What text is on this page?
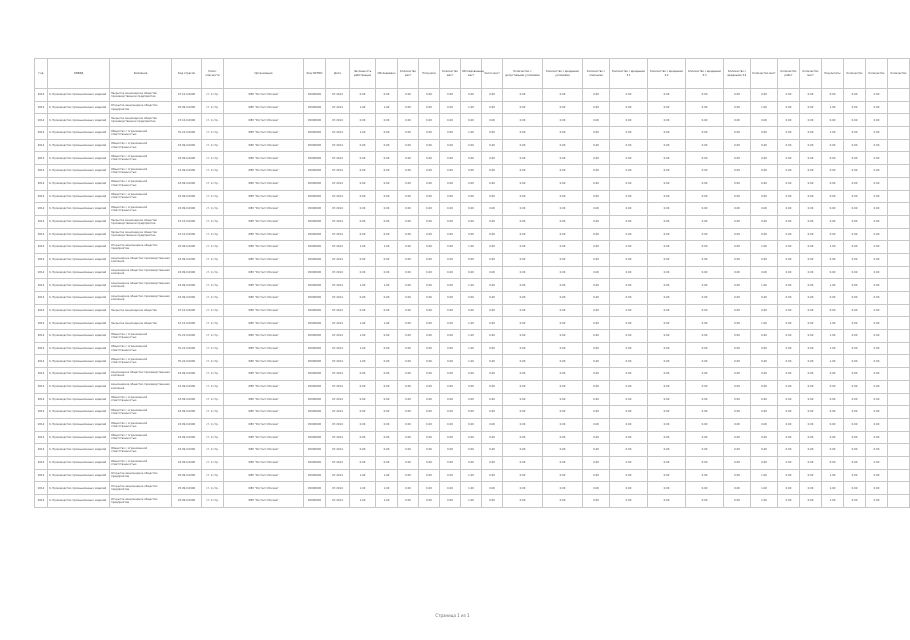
Год	ОКВЭД	Компания	Код отрасли	Класс опасности	Организация	Код ОКТМО	Дата	Численность работающих	Обследовано	Количество мест	Получили	Количество мест	Обследованные мест	Число мест	Количество с допустимыми условиями	Количество с вредными условиями	Количество с опасными	Количество с вредными 3.1	Количество с вредными 3.2	Количество с вредными 3.3	Количество с вредными 3.4	Количество мест	Количество работ	Количество мест	Результаты	Количество	Количество	Количество
2014	0. Производство промышленных изделий	Закрытое акционерное общество производственное предприятие	47.10.0.0000	ст. 4 стр.	ФБУ "Ростест-Москва"	45000000	07.2014	0.00	0.00	0.00	0.00	0.00	0.00	0.00	0.00	0.00	0.00	0.00	0.00	0.00	0.00	0.00	0.00	0.00	0.00	0.00	0.00	
2014	0. Производство промышленных изделий	Открытое акционерное общество предприятие	25.99.0.0000	ст. 4 стр.	ФБУ "Ростест-Москва"	45000000	07.2014	1.00	1.00	0.00	0.00	0.00	1.00	0.00	0.00	0.00	0.00	0.00	0.00	0.00	0.00	1.00	0.00	0.00	1.00	0.00	0.00	
2014	0. Производство промышленных изделий	Закрытое акционерное общество производственное предприятие	47.10.0.0000	ст. 4 стр.	ФБУ "Ростест-Москва"	45000000	07.2014	0.00	0.00	0.00	0.00	0.00	0.00	0.00	0.00	0.00	0.00	0.00	0.00	0.00	0.00	0.00	0.00	0.00	0.00	0.00	0.00	
2014	0. Производство промышленных изделий	Общество с ограниченной ответственностью	70.22.0.0000	ст. 4 стр.	ФБУ "Ростест-Москва"	45000000	07.2014	1.00	0.00	0.00	0.00	0.00	1.00	0.00	0.00	0.00	0.00	0.00	0.00	0.00	0.00	0.00	0.00	0.00	1.00	0.00	0.00	
2014	0. Производство промышленных изделий	Общество с ограниченной ответственностью	43.99.0.0000	ст. 4 стр.	ФБУ "Ростест-Москва"	45000000	07.2014	0.00	0.00	0.00	0.00	0.00	0.00	0.00	0.00	0.00	0.00	0.00	0.00	0.00	0.00	0.00	0.00	0.00	0.00	0.00	0.00	
2014	0. Производство промышленных изделий	Общество с ограниченной ответственностью	43.99.0.0000	ст. 4 стр.	ФБУ "Ростест-Москва"	45000000	07.2014	0.00	0.00	0.00	0.00	0.00	0.00	0.00	0.00	0.00	0.00	0.00	0.00	0.00	0.00	0.00	0.00	0.00	0.00	0.00	0.00	
2014	0. Производство промышленных изделий	Общество с ограниченной ответственностью	43.99.0.0000	ст. 4 стр.	ФБУ "Ростест-Москва"	45000000	07.2014	0.00	0.00	0.00	0.00	0.00	0.00	0.00	0.00	0.00	0.00	0.00	0.00	0.00	0.00	0.00	0.00	0.00	0.00	0.00	0.00	
2014	0. Производство промышленных изделий	Общество с ограниченной ответственностью	43.99.0.0000	ст. 4 стр.	ФБУ "Ростест-Москва"	45000000	07.2014	0.00	0.00	0.00	0.00	0.00	0.00	0.00	0.00	0.00	0.00	0.00	0.00	0.00	0.00	0.00	0.00	0.00	0.00	0.00	0.00	
2014	0. Производство промышленных изделий	Общество с ограниченной ответственностью	43.99.0.0000	ст. 4 стр.	ФБУ "Ростест-Москва"	45000000	07.2014	0.00	0.00	0.00	0.00	0.00	0.00	0.00	0.00	0.00	0.00	0.00	0.00	0.00	0.00	0.00	0.00	0.00	0.00	0.00	0.00	
2014	0. Производство промышленных изделий	Общество с ограниченной ответственностью	43.99.0.0000	ст. 4 стр.	ФБУ "Ростест-Москва"	45000000	07.2014	0.00	0.00	0.00	0.00	0.00	0.00	0.00	0.00	0.00	0.00	0.00	0.00	0.00	0.00	0.00	0.00	0.00	0.00	0.00	0.00	
2014	0. Производство промышленных изделий	Закрытое акционерное общество производственное предприятие	47.10.0.0000	ст. 4 стр.	ФБУ "Ростест-Москва"	45000000	07.2014	0.00	0.00	0.00	0.00	0.00	0.00	0.00	0.00	0.00	0.00	0.00	0.00	0.00	0.00	0.00	0.00	0.00	0.00	0.00	0.00	
2014	0. Производство промышленных изделий	Закрытое акционерное общество производственное предприятие	47.10.0.0000	ст. 4 стр.	ФБУ "Ростест-Москва"	45000000	07.2014	0.00	0.00	0.00	0.00	0.00	0.00	0.00	0.00	0.00	0.00	0.00	0.00	0.00	0.00	0.00	0.00	0.00	0.00	0.00	0.00	
2014	0. Производство промышленных изделий	Открытое акционерное общество предприятие	25.99.0.0000	ст. 4 стр.	ФБУ "Ростест-Москва"	45000000	07.2014	1.00	1.00	0.00	0.00	0.00	1.00	0.00	0.00	0.00	0.00	0.00	0.00	0.00	0.00	1.00	0.00	0.00	1.00	0.00	0.00	
2014	0. Производство промышленных изделий	Акционерное общество производственная компания	43.99.0.0000	ст. 4 стр.	ФБУ "Ростест-Москва"	45000000	07.2014	0.00	0.00	0.00	0.00	0.00	0.00	0.00	0.00	0.00	0.00	0.00	0.00	0.00	0.00	0.00	0.00	0.00	0.00	0.00	0.00	
2014	0. Производство промышленных изделий	Акционерное общество производственная компания	43.99.0.0000	ст. 4 стр.	ФБУ "Ростест-Москва"	45000000	07.2014	0.00	0.00	0.00	0.00	0.00	0.00	0.00	0.00	0.00	0.00	0.00	0.00	0.00	0.00	0.00	0.00	0.00	0.00	0.00	0.00	
2014	0. Производство промышленных изделий	Акционерное общество производственная компания	43.99.0.0000	ст. 4 стр.	ФБУ "Ростест-Москва"	45000000	07.2014	1.00	1.00	0.00	0.00	0.00	1.00	0.00	0.00	0.00	0.00	0.00	0.00	0.00	0.00	1.00	0.00	0.00	1.00	0.00	0.00	
2014	0. Производство промышленных изделий	Акционерное общество производственная компания	43.99.0.0000	ст. 4 стр.	ФБУ "Ростест-Москва"	45000000	07.2014	0.00	0.00	0.00	0.00	0.00	0.00	0.00	0.00	0.00	0.00	0.00	0.00	0.00	0.00	0.00	0.00	0.00	0.00	0.00	0.00	
2014	0. Производство промышленных изделий	Закрытое акционерное общество	47.10.0.0000	ст. 4 стр.	ФБУ "Ростест-Москва"	45000000	07.2014	0.00	0.00	0.00	0.00	0.00	0.00	0.00	0.00	0.00	0.00	0.00	0.00	0.00	0.00	0.00	0.00	0.00	0.00	0.00	0.00	
2014	0. Производство промышленных изделий	Закрытое акционерное общество	47.10.0.0000	ст. 4 стр.	ФБУ "Ростест-Москва"	45000000	07.2014	1.00	1.00	0.00	0.00	0.00	1.00	0.00	0.00	0.00	0.00	0.00	0.00	0.00	0.00	1.00	0.00	0.00	1.00	0.00	0.00	
2014	0. Производство промышленных изделий	Общество с ограниченной ответственностью	70.22.0.0000	ст. 4 стр.	ФБУ "Ростест-Москва"	45000000	07.2014	1.00	0.00	0.00	0.00	0.00	1.00	0.00	0.00	0.00	0.00	0.00	0.00	0.00	0.00	0.00	0.00	0.00	1.00	0.00	0.00	
2014	0. Производство промышленных изделий	Общество с ограниченной ответственностью	70.22.0.0000	ст. 4 стр.	ФБУ "Ростест-Москва"	45000000	07.2014	1.00	0.00	0.00	0.00	0.00	1.00	0.00	0.00	0.00	0.00	0.00	0.00	0.00	0.00	0.00	0.00	0.00	1.00	0.00	0.00	
2014	0. Производство промышленных изделий	Общество с ограниченной ответственностью	70.22.0.0000	ст. 4 стр.	ФБУ "Ростест-Москва"	45000000	07.2014	1.00	0.00	0.00	0.00	0.00	1.00	0.00	0.00	0.00	0.00	0.00	0.00	0.00	0.00	0.00	0.00	0.00	1.00	0.00	0.00	
2014	0. Производство промышленных изделий	Акционерное общество производственная компания	43.99.0.0000	ст. 4 стр.	ФБУ "Ростест-Москва"	45000000	07.2014	0.00	0.00	0.00	0.00	0.00	0.00	0.00	0.00	0.00	0.00	0.00	0.00	0.00	0.00	0.00	0.00	0.00	0.00	0.00	0.00	
2014	0. Производство промышленных изделий	Акционерное общество производственная компания	43.99.0.0000	ст. 4 стр.	ФБУ "Ростест-Москва"	45000000	07.2014	0.00	0.00	0.00	0.00	0.00	0.00	0.00	0.00	0.00	0.00	0.00	0.00	0.00	0.00	0.00	0.00	0.00	0.00	0.00	0.00	
2014	0. Производство промышленных изделий	Общество с ограниченной ответственностью	43.99.0.0000	ст. 4 стр.	ФБУ "Ростест-Москва"	45000000	07.2014	0.00	0.00	0.00	0.00	0.00	0.00	0.00	0.00	0.00	0.00	0.00	0.00	0.00	0.00	0.00	0.00	0.00	0.00	0.00	0.00	
2014	0. Производство промышленных изделий	Общество с ограниченной ответственностью	43.99.0.0000	ст. 4 стр.	ФБУ "Ростест-Москва"	45000000	07.2014	0.00	0.00	0.00	0.00	0.00	0.00	0.00	0.00	0.00	0.00	0.00	0.00	0.00	0.00	0.00	0.00	0.00	0.00	0.00	0.00	
2014	0. Производство промышленных изделий	Общество с ограниченной ответственностью	43.99.0.0000	ст. 4 стр.	ФБУ "Ростест-Москва"	45000000	07.2014	0.00	0.00	0.00	0.00	0.00	0.00	0.00	0.00	0.00	0.00	0.00	0.00	0.00	0.00	0.00	0.00	0.00	0.00	0.00	0.00	
2014	0. Производство промышленных изделий	Общество с ограниченной ответственностью	43.99.0.0000	ст. 4 стр.	ФБУ "Ростест-Москва"	45000000	07.2014	0.00	0.00	0.00	0.00	0.00	0.00	0.00	0.00	0.00	0.00	0.00	0.00	0.00	0.00	0.00	0.00	0.00	0.00	0.00	0.00	
2014	0. Производство промышленных изделий	Общество с ограниченной ответственностью	43.99.0.0000	ст. 4 стр.	ФБУ "Ростест-Москва"	45000000	07.2014	0.00	0.00	0.00	0.00	0.00	0.00	0.00	0.00	0.00	0.00	0.00	0.00	0.00	0.00	0.00	0.00	0.00	0.00	0.00	0.00	
2014	0. Производство промышленных изделий	Общество с ограниченной ответственностью	43.99.0.0000	ст. 4 стр.	ФБУ "Ростест-Москва"	45000000	07.2014	0.00	0.00	0.00	0.00	0.00	0.00	0.00	0.00	0.00	0.00	0.00	0.00	0.00	0.00	0.00	0.00	0.00	0.00	0.00	0.00	
2014	0. Производство промышленных изделий	Открытое акционерное общество предприятие	25.99.0.0000	ст. 4 стр.	ФБУ "Ростест-Москва"	45000000	07.2014	1.00	1.00	0.00	0.00	0.00	1.00	0.00	0.00	0.00	0.00	0.00	0.00	0.00	0.00	1.00	0.00	0.00	1.00	0.00	0.00	
2014	0. Производство промышленных изделий	Открытое акционерное общество предприятие	25.99.0.0000	ст. 4 стр.	ФБУ "Ростест-Москва"	45000000	07.2014	1.00	1.00	0.00	0.00	0.00	1.00	0.00	0.00	0.00	0.00	0.00	0.00	0.00	0.00	1.00	0.00	0.00	1.00	0.00	0.00	
2014	0. Производство промышленных изделий	Открытое акционерное общество предприятие	25.99.0.0000	ст. 4 стр.	ФБУ "Ростест-Москва"	45000000	07.2014	1.00	1.00	0.00	0.00	0.00	1.00	0.00	0.00	0.00	0.00	0.00	0.00	0.00	0.00	1.00	0.00	0.00	1.00	0.00	0.00	
Страница 1 из 1
